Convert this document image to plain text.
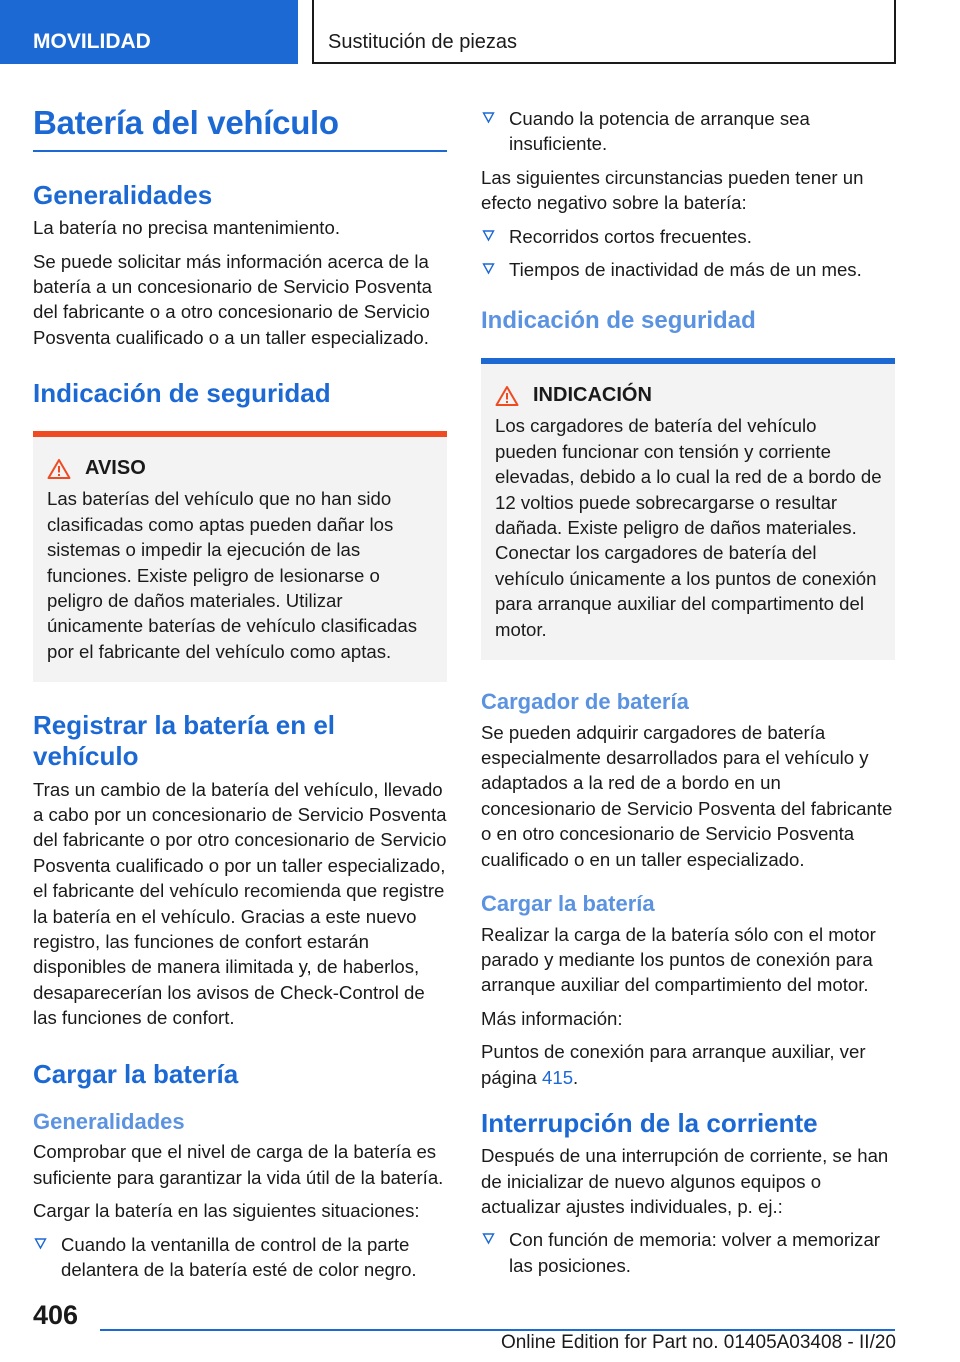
MOVILIDAD	Sustitución de piezas
Batería del vehículo
Generalidades

La batería no precisa mantenimiento.

Se puede solicitar más información acerca de la batería a un concesionario de Servicio Posventa del fabricante o a otro concesionario de Servicio Posventa cualificado o a un taller especializado.

Indicación de seguridad
AVISO

Las baterías del vehículo que no han sido clasificadas como aptas pueden dañar los sistemas o impedir la ejecución de las funciones. Existe peligro de lesionarse o peligro de daños materiales. Utilizar únicamente baterías de vehículo clasificadas por el fabricante del vehículo como aptas.

Registrar la batería en el vehículo

Tras un cambio de la batería del vehículo, llevado a cabo por un concesionario de Servicio Posventa del fabricante o por otro concesionario de Servicio Posventa cualificado o por un taller especializado, el fabricante del vehículo recomienda que registre la batería en el vehículo. Gracias a este nuevo registro, las funciones de confort estarán disponibles de manera ilimitada y, de haberlos, desaparecerían los avisos de Check-Control de las funciones de confort.

Cargar la batería
Generalidades

Comprobar que el nivel de carga de la batería es suficiente para garantizar la vida útil de la batería.

Cargar la batería en las siguientes situaciones:

Cuando la ventanilla de control de la parte delantera de la batería esté de color negro.
Cuando la potencia de arranque sea insuficiente.

Las siguientes circunstancias pueden tener un efecto negativo sobre la batería:

Recorridos cortos frecuentes.
Tiempos de inactividad de más de un mes.
Indicación de seguridad
INDICACIÓN

Los cargadores de batería del vehículo pueden funcionar con tensión y corriente elevadas, debido a lo cual la red de a bordo de 12 voltios puede sobrecargarse o resultar dañada. Existe peligro de daños materiales. Conectar los cargadores de batería del vehículo únicamente a los puntos de conexión para arranque auxiliar del compartimento del motor.

Cargador de batería

Se pueden adquirir cargadores de batería especialmente desarrollados para el vehículo y adaptados a la red de a bordo en un concesionario de Servicio Posventa del fabricante o en otro concesionario de Servicio Posventa cualificado o en un taller especializado.

Cargar la batería

Realizar la carga de la batería sólo con el motor parado y mediante los puntos de conexión para arranque auxiliar del compartimiento del motor.

Más información:

Puntos de conexión para arranque auxiliar, ver página 415.

Interrupción de la corriente

Después de una interrupción de corriente, se han de inicializar de nuevo algunos equipos o actualizar ajustes individuales, p. ej.:

Con función de memoria: volver a memorizar las posiciones.
406
Online Edition for Part no. 01405A03408 - II/20
